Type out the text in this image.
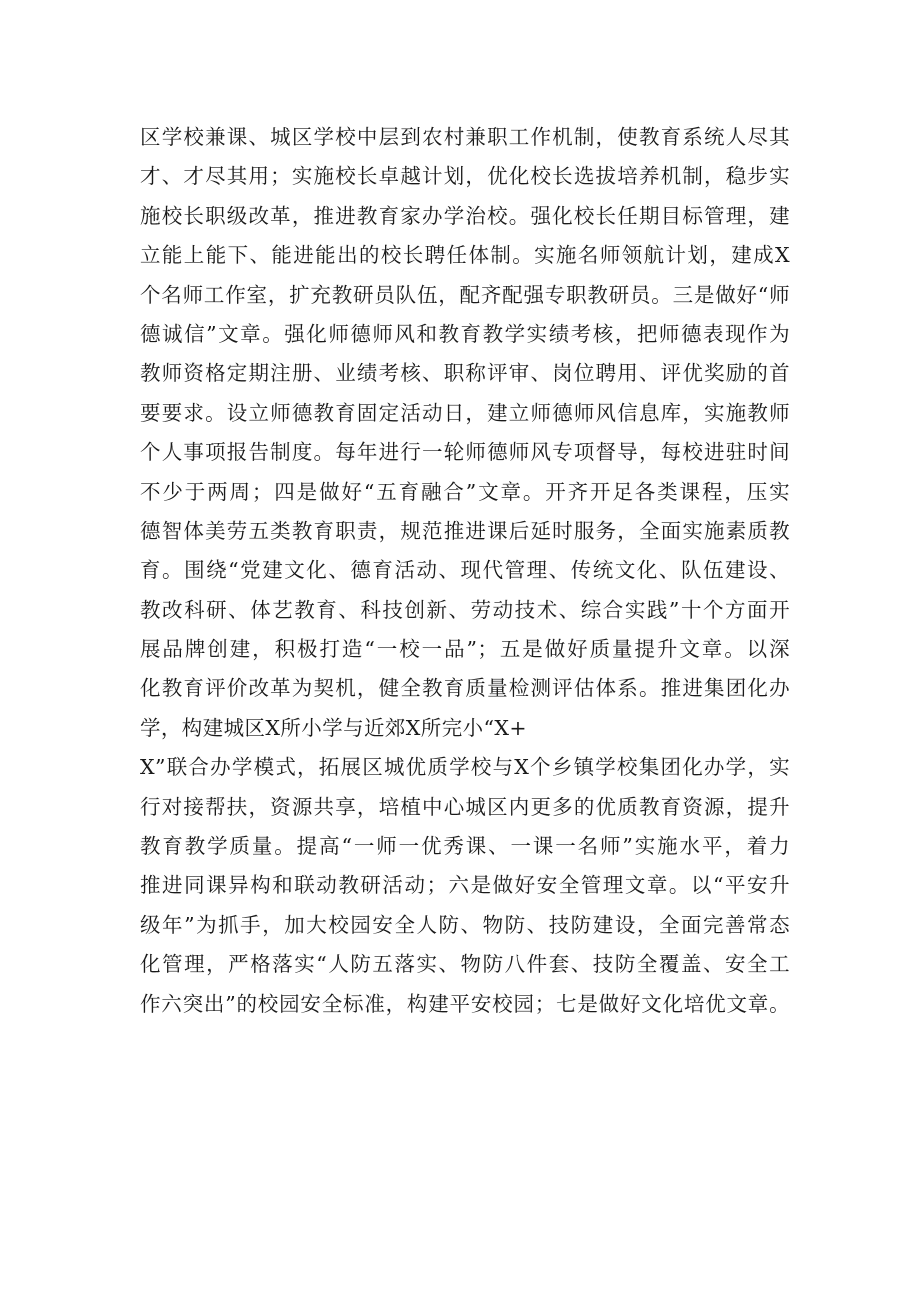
区学校兼课、城区学校中层到农村兼职工作机制，使教育系统人尽其
才、才尽其用；实施校长卓越计划，优化校长选拔培养机制，稳步实
施校长职级改革，推进教育家办学治校。强化校长任期目标管理，建
立能上能下、能进能出的校长聘任体制。实施名师领航计划，建成X
个名师工作室，扩充教研员队伍，配齐配强专职教研员。三是做好“师
德诚信”文章。强化师德师风和教育教学实绩考核，把师德表现作为
教师资格定期注册、业绩考核、职称评审、岗位聘用、评优奖励的首
要要求。设立师德教育固定活动日，建立师德师风信息库，实施教师
个人事项报告制度。每年进行一轮师德师风专项督导，每校进驻时间
不少于两周；四是做好“五育融合”文章。开齐开足各类课程，压实
德智体美劳五类教育职责，规范推进课后延时服务，全面实施素质教
育。围绕“党建文化、德育活动、现代管理、传统文化、队伍建设、
教改科研、体艺教育、科技创新、劳动技术、综合实践”十个方面开
展品牌创建，积极打造“一校一品”；五是做好质量提升文章。以深
化教育评价改革为契机，健全教育质量检测评估体系。推进集团化办
学，构建城区X所小学与近郊X所完小“X+
X”联合办学模式，拓展区城优质学校与X个乡镇学校集团化办学，实
行对接帮扶，资源共享，培植中心城区内更多的优质教育资源，提升
教育教学质量。提高“一师一优秀课、一课一名师”实施水平，着力
推进同课异构和联动教研活动；六是做好安全管理文章。以“平安升
级年”为抓手，加大校园安全人防、物防、技防建设，全面完善常态
化管理，严格落实“人防五落实、物防八件套、技防全覆盖、安全工
作六突出”的校园安全标准，构建平安校园；七是做好文化培优文章。
